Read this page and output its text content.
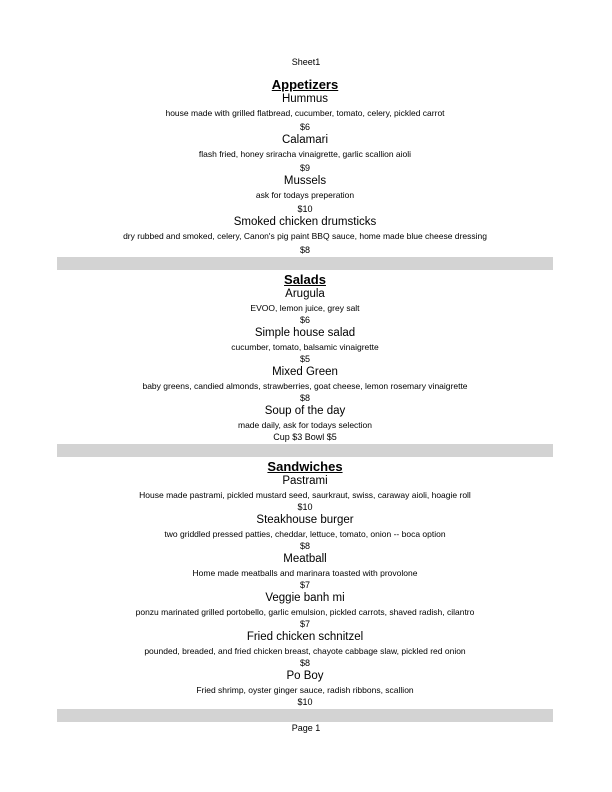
Sheet1
Appetizers
Hummus
house made with grilled flatbread, cucumber, tomato, celery, pickled carrot
$6
Calamari
flash fried, honey sriracha vinaigrette, garlic scallion aioli
$9
Mussels
ask for todays preperation
$10
Smoked chicken drumsticks
dry rubbed and smoked, celery, Canon's pig paint BBQ sauce, home made blue cheese dressing
$8
Salads
Arugula
EVOO, lemon juice, grey salt
$6
Simple house salad
cucumber, tomato, balsamic vinaigrette
$5
Mixed Green
baby greens, candied almonds, strawberries, goat cheese, lemon rosemary vinaigrette
$8
Soup of the day
made daily, ask for todays selection
Cup $3 Bowl $5
Sandwiches
Pastrami
House made pastrami, pickled mustard seed, saurkraut, swiss, caraway aioli, hoagie roll
$10
Steakhouse burger
two griddled pressed patties, cheddar, lettuce, tomato, onion -- boca option
$8
Meatball
Home made meatballs and marinara toasted with provolone
$7
Veggie banh mi
ponzu marinated grilled portobello, garlic emulsion, pickled carrots, shaved radish, cilantro
$7
Fried chicken schnitzel
pounded, breaded, and fried chicken breast, chayote cabbage slaw, pickled red onion
$8
Po Boy
Fried shrimp, oyster ginger sauce, radish ribbons, scallion
$10
Page 1
